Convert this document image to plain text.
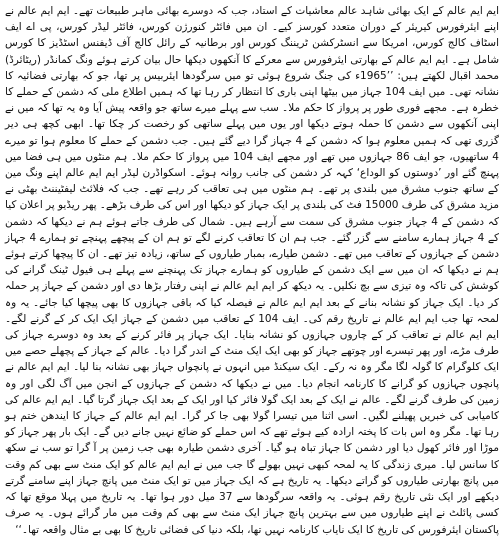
ایم ایم عالم کے ایک بھائی شاہد عالم معاشیات کے استاد، جب کہ دوسرے بھائی ماہر طبیعات تھے۔ ایم ایم عالم نے اپنے ایئرفورس کیریئر کے دوران متعدد کورسز کیے۔ ان میں فائٹر کنورژن کورس، فائٹر لیڈر کورس، پی اے ایف اسٹاف کالج کورس، امریکا سے انسٹرکشن ٹریننگ کورس اور برطانیہ کے رائل کالج آف ڈیفنس اسٹڈیز کا کورس شامل ہے۔ ایم ایم عالم کے بھارتی ایئرفورس سے معرکے کا آنکھوں دیکھا حال بیان کرتے ہوئے ونگ کمانڈر (ریٹائرڈ) محمد اقبال لکھتے ہیں: ’’1965ء کی جنگ شروع ہوئی تو میں سرگودھا ایئربیس پر تھا، جو کہ بھارتی فضائیہ کا نشانہ تھی۔ میں ایف 104 جہاز میں بیٹھا اپنی باری کا انتظار کر رہا تھا کہ ہمیں اطلاع ملی کہ دشمن کے حملے کا خطرہ ہے۔ مجھے فوری طور پر پرواز کا حکم ملا۔ سب سے پہلے میرے ساتھ جو واقعہ پیش آیا وہ یہ تھا کہ میں نے اپنی آنکھوں سے دشمن کا حملہ ہوتے دیکھا اور یوں میں پہلے ساتھی کو رخصت کر چکا تھا۔ ابھی کچھ ہی دیر گزری تھی کہ ہمیں معلوم ہوا کہ دشمن کے 4 جہاز گرا دیے گئے ہیں۔ جب دشمن کے حملے کا معلوم ہوا تو میرے 4 ساتھیوں، جو ایف 86 جہازوں میں تھے اور مجھے ایف 104 میں پرواز کا حکم ملا۔ ہم منٹوں میں ہی فضا میں پہنچ گئے اور ’دوستوں کو الوداع‘ کہہ کر دشمن کی جانب روانہ ہوئے۔ اسکواڈرن لیڈر ایم ایم عالم اپنے ونگ مین کے ساتھ جنوب مشرق میں بلندی پر تھے۔ ہم منٹوں میں ہی تعاقب کر رہے تھے۔ جب کہ فلائٹ لیفٹیننٹ بھٹی نے مزید مشرق کی طرف 15000 فٹ کی بلندی پر ایک جہاز کو دیکھا اور اس کی طرف بڑھے۔ پھر ریڈیو پر اعلان کیا کہ دشمن کے 4 جہاز جنوب مشرق کی سمت سے آرہے ہیں۔ شمال کی طرف جاتے ہوئے ہم نے دیکھا کہ دشمن کے 4 جہاز ہمارے سامنے سے گزر گئے۔ جب ہم ان کا تعاقب کرنے لگے تو ہم ان کے پیچھے پہنچے تو ہمارے 4 جہاز دشمن کے جہازوں کے تعاقب میں تھے۔ دشمن طیارے، بمبار طیاروں کے ساتھ، زیادہ تیز تھے۔ ان کا پیچھا کرتے ہوئے ہم نے دیکھا کہ ان میں سے ایک دشمن کے طیاروں کو ہمارے جہاز تک پہنچنے سے پہلے ہی فیول ٹینک گرانے کی کوشش کی تاکہ وہ تیزی سے بچ نکلیں۔ یہ دیکھ کر ایم ایم عالم نے اپنی رفتار بڑھا دی اور دشمن کے جہاز پر حملہ کر دیا۔ ایک جہاز کو نشانہ بنانے کے بعد ایم ایم عالم نے فیصلہ کیا کہ باقی جہازوں کا بھی پیچھا کیا جائے۔ یہ وہ لمحہ تھا جب ایم ایم عالم نے تاریخ رقم کی۔ ایف 104 کے تعاقب میں دشمن کے جہاز ایک ایک کر کے گرنے لگے۔ ایم ایم عالم نے تعاقب کر کے چاروں جہازوں کو نشانہ بنایا۔ ایک جہاز پر فائر کرنے کے بعد وہ دوسرے جہاز کی طرف مڑے، اور پھر تیسرے اور چوتھے جہاز کو بھی ایک ایک منٹ کے اندر گرا دیا۔ عالم کے جہاز کے پچھلے حصے میں ایک کلوگرام کا گولہ لگا مگر وہ نہ رکے۔ ایک سیکنڈ میں انہوں نے پانچواں جہاز بھی نشانہ بنا لیا۔ ایم ایم عالم نے پانچوں جہازوں کو گرانے کا کارنامہ انجام دیا۔ میں نے دیکھا کہ دشمن کے جہازوں کے انجن میں آگ لگی اور وہ زمین کی طرف گرنے لگے۔ عالم نے ایک کے بعد ایک گولا فائر کیا اور ایک کے بعد ایک جہاز گرتا گیا۔ ایم ایم عالم کی کامیابی کی خبریں پھیلنے لگیں۔ اسی اثنا میں تیسرا گولا بھی جا کر گرا۔ ایم ایم عالم کے جہاز کا ایندھن ختم ہو رہا تھا۔ مگر وہ اس بات کا پختہ ارادہ کیے ہوئے تھے کہ اس حملے کو ضائع نہیں جانے دیں گے۔ ایک بار پھر جہاز کو موڑا اور فائر کھول دیا اور دشمن کا جہاز تباہ ہو گیا۔ آخری دشمن طیارہ بھی جب زمین پر آ گرا تو سب نے سکھ کا سانس لیا۔ میری زندگی کا یہ لمحہ کبھی نہیں بھولے گا جب میں نے ایم ایم عالم کو ایک منٹ سے بھی کم وقت میں پانچ بھارتی طیاروں کو گراتے دیکھا۔ یہ تاریخ ہے کہ ایک جہاز میں تو ایک منٹ میں پانچ جہاز اپنے سامنے گرتے دیکھے اور ایک نئی تاریخ رقم ہوئی۔ یہ واقعہ سرگودھا سے 37 میل دور ہوا تھا۔ یہ تاریخ میں پہلا موقع تھا کہ کسی پائلٹ نے اپنے طیاروں میں سے بہترین پانچ جہاز ایک منٹ سے بھی کم وقت میں مار گرائے ہوں۔ یہ صرف پاکستان ایئرفورس کی تاریخ کا ایک نایاب کارنامہ نہیں تھا، بلکہ دنیا کی فضائی تاریخ کا بھی بے مثال واقعہ تھا۔‘‘
